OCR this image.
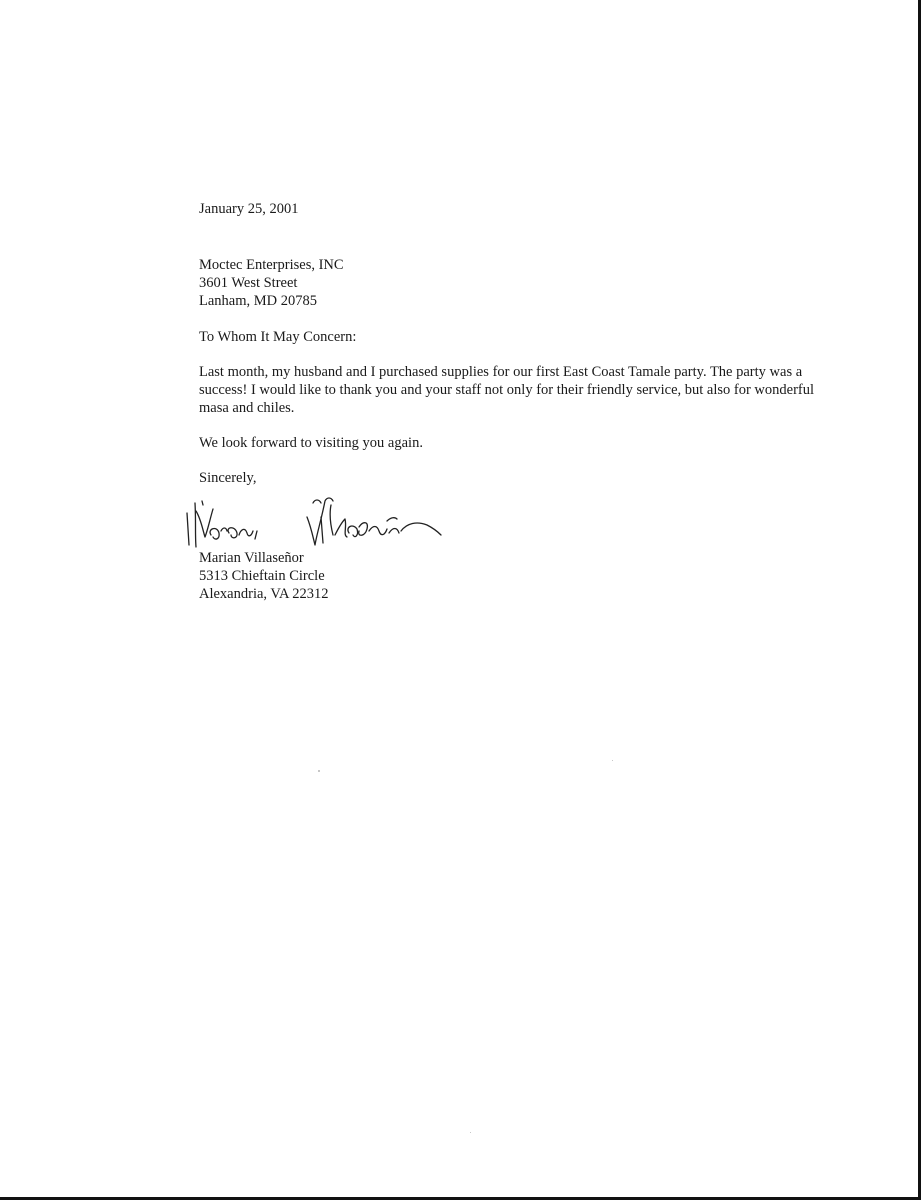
January 25, 2001
Moctec Enterprises, INC
3601 West Street
Lanham, MD 20785
To Whom It May Concern:
Last month, my husband and I purchased supplies for our first East Coast Tamale party. The party was a success! I would like to thank you and your staff not only for their friendly service, but also for wonderful masa and chiles.
We look forward to visiting you again.
Sincerely,
Marian Villaseñor
5313 Chieftain Circle
Alexandria, VA 22312
